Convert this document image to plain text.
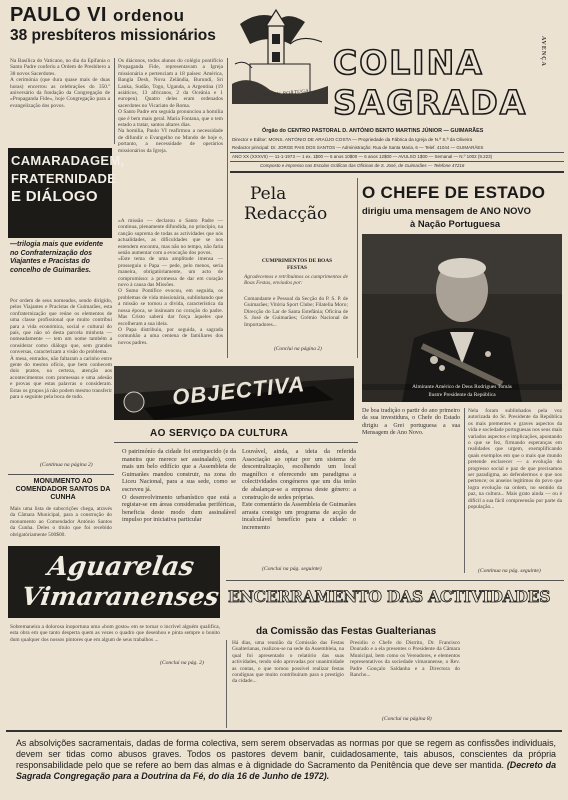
PAULO VI ordenou
38 presbíteros missionários
Na Basílica do Vaticano, no dia da Epifania o Santo Padre conferiu a Ordem de Presbítero a 38 novos Sacerdotes.
A cerimónia (que dura quase mais de duas horas) encerrou as celebrações do 350.º aniversário da fundação da Congregação de «Propaganda Fide», hoje Congregação para a evangelização dos povos.
Os diáconos, todos alunos do colégio pontifício Propaganda Fide, representavam a Igreja missionária e pertenciam a 18 países: América, Bangla Desh, Nova Zelândia, Burundi, Sri Lanka, Sudão, Togo, Uganda, a Argentina (19 asiáticos, 13 africanos, 2 da Oceânia e 1 europeu). Quatro deles eram ordenados sacerdotes no Vicariato de Roma.
O Santo Padre em seguida pronunciou a homilia que é bem mais geral. Maria Fontana, que o tem estado a tratar, santos altares dias.
Na homilia, Paulo VI reafirmou a necessidade de difundir o Evangelho no Mundo de hoje e, portanto, a necessidade de operários missionários da Igreja.
«A missão — declarou o Santo Padre — continua, plenamente difundida, no princípio, na canção suprema de todas as actividades que nós actualidades, as dificuldades que se nos estendem encontra, mas não no tempo, não faria senão aumentar com a evocação dos povos.
«Este tema de uma amplitude imensa — prosseguiu o Papa — pede, pelo menos, seria maneira, obrigatòriamente, um acto de compromisso: a promessa de dar em coração novo à causa das Missões.
O Sumo Pontífice evocou, em seguida, os problemas de vida missionária, sublinhando que a missão se tornou a divida, característica da nossa época, se insinuam no coração do padre. Mas Cristo saberá dar força àqueles que escolheram a sua ideia.
O Papa distribuiu, por seguida, a sagrada comunhão a uma centena de familiares dos novos padres.
CAMARADAGEM,
FRATERNIDADE
E DIÁLOGO
—trilogia mais que evidente no Confraternização dos Viajantes e Pracistas do concelho de Guimarães.
Por ordem de seus nomeados, sendo dirigido, pelos Viajantes e Pracistas de Guimarães, esta confraternização que reúne os elementos de uma classe profissional que muito contribui para a vida económica, social e cultural do país, que não só desta parcela minhota — nomeadamente — tem um nome também a considerar como diálogo que, sem grandes conversas, caracterizam a visão do problema.
À mesa, entrados, não faltaram a carinho entre gente do mesmo ofício, que bem conhecem dois pratos, na certeza, atenção aos acontecimentos com promessas e uma adesão e provas que estas palavras o consideram. Estas os grupos já não podem mesmo transferir para o seguinte pela boca de tudo.
(Continua na página 2)
MONUMENTO AO COMENDADOR SANTOS DA CUNHA
Mais uma lista de subscrições chega, através da Câmara Municipal, para a construção do monumento ao Comendador António Santos da Cunha. Deles o título que foi recebido obrigatòriamente 500$00.
Aguarelas
Vimaranenses
Sobremaneira a dolorosa inoportuna uma «bom gosto» em se tornar o incrível alguém qualifica, esta obra em que tanto desperta quem as vezes o quadro que desenhou e pinta sempre o bonito dum qualquer dos nossos pintores que em algum de seus trabalhos ...
(Conclui na pág. 2)
APU NASEU PORTUGAL
COLINA
SAGRADA
AVENÇA
Órgão do CENTRO PASTORAL D. ANTÓNIO BENTO MARTINS JÚNIOR — GUIMARÃES
Director e Editor: MONS. ANTÓNIO DE ARAÚJO COSTA — Propriedade da Fábrica da Igreja de N.ª S.ª da Oliveira
Redactor principal: Dr. JORGE PAIS DOS SANTOS — Administração: Rua de Santa Maria, 6 — Telef. 41044 — GUIMARÃES
ANO XX (XXXVII) — 11-1-1973 — 1 ex. 1$00 — 6 anos 10$00 — 6 anos 12$00 — AVULSO 1$00 — Semanal — N.º 1002 (9.223)
Composto e impresso nas Escolas Gráficas das Oficinas de S. José, de Guimarães — Telefone 47216
Pela
Redacção
CUMPRIMENTOS DE BOAS FESTAS
Agradecemos e retribuímos os cumprimentos de Boas Festas, enviados por:
Comandante e Pessoal da Secção do P. S. P. de Guimarães; Vitória Sport Clube; Filatelia Moro; Direcção do Lar de Santa Estefânia; Oficina de S. José de Guimarães; Grémio Nacional de Importadores...
(Conclui na página 2)
O CHEFE DE ESTADO
dirigiu uma mensagem de ANO NOVO
à Nação Portuguesa
Almirante Américo de Deus Rodrigues Tomás
Ilustre Presidente da República
De boa tradição o partir do ano primeiro da sua investidura, o Chefe do Estado dirigiu a Grei portuguesa a sua Mensagem de Ano Novo.
Nela foram sublinhados pela voz autorizada do Sr. Presidente da República os mais prementes e graves aspectos da vida e sociedade portuguesas nos seus mais variados aspectos e implicações, apontando o que se fez, firmando esperanças em realidades que urgem, exemplificando quais exemplos em que o mais que mundo pretende esclarecer — a evolução do progresso social e paz de que precisamos ser paradigma, ao defendermos o que nos pertence; os anseios legítimos do povo que logra evolução na ordem, no sentido da paz, na cultura... Mais grato ainda — ou é difícil a sua fácil compreensão por parte da população...
(Continua na pág. seguinte)
OBJECTIVA
AO SERVIÇO DA CULTURA
O patrimónío da cidade foi enriquecido (e da maneira que merece ser assinalado), com mais um belo edifício que a Assembleia de Guimarães mandou construir, na zona do Liceu Nacional, para a sua sede, como se escreveu já.
O desenvolvimento urbanístico que está a registar-se em áreas consideradas periféricas, beneficia deste modo dum assinalável impulso por iniciativa particular
Louvável, ainda, a ideia da referida Associação ao optar por um sistema de descentralização, escolhendo um local magnífico e oferecendo um paradigma a colectividades congéneres que um dia terão de abalançar-se a empresa deste género: a construção de sedes próprias.
Este comentário da Assembleia de Guimarães arrasta consigo um programa de acção de incalculável benefício para a cidade: o incremento
(Conclui na pág. seguinte)
ENCERRAMENTO DAS ACTIVIDADES
da Comissão das Festas Gualterianas
Há dias, uma reunião da Comissão das Festas Gualterianas, realizou-se na sede da Assembleia, na qual foi apresentado o relatório das suas actividades, tendo sido aprovadas por unanimidade as contas, o que tornou possível realizar festas condignas que muito contribuíram para o prestígio da cidade...
Presidiu o Chefe do Distrito, Dr. Francisco Dourado e a ela presentes o Presidente da Câmara Municipal, bem como os Vereadores, e elementos representativos da sociedade vimaranense, o Rev. Padre Gonçalo Saldanha e a Directora do Rancho...
(Conclui na página 8)
As absolvições sacramentais, dadas de forma colectiva, sem serem observadas as normas por que se regem as confissões individuais, devem ser tidas como abusos graves. Todos os pastores devem banir, cuidadosamente, tais abusos, conscientes da própria responsabilidade pelo que se refere ao bem das almas e à dignidade do Sacramento da Penitência que deve ser mantida. (Decreto da Sagrada Congregação para a Doutrina da Fé, do dia 16 de Junho de 1972).
